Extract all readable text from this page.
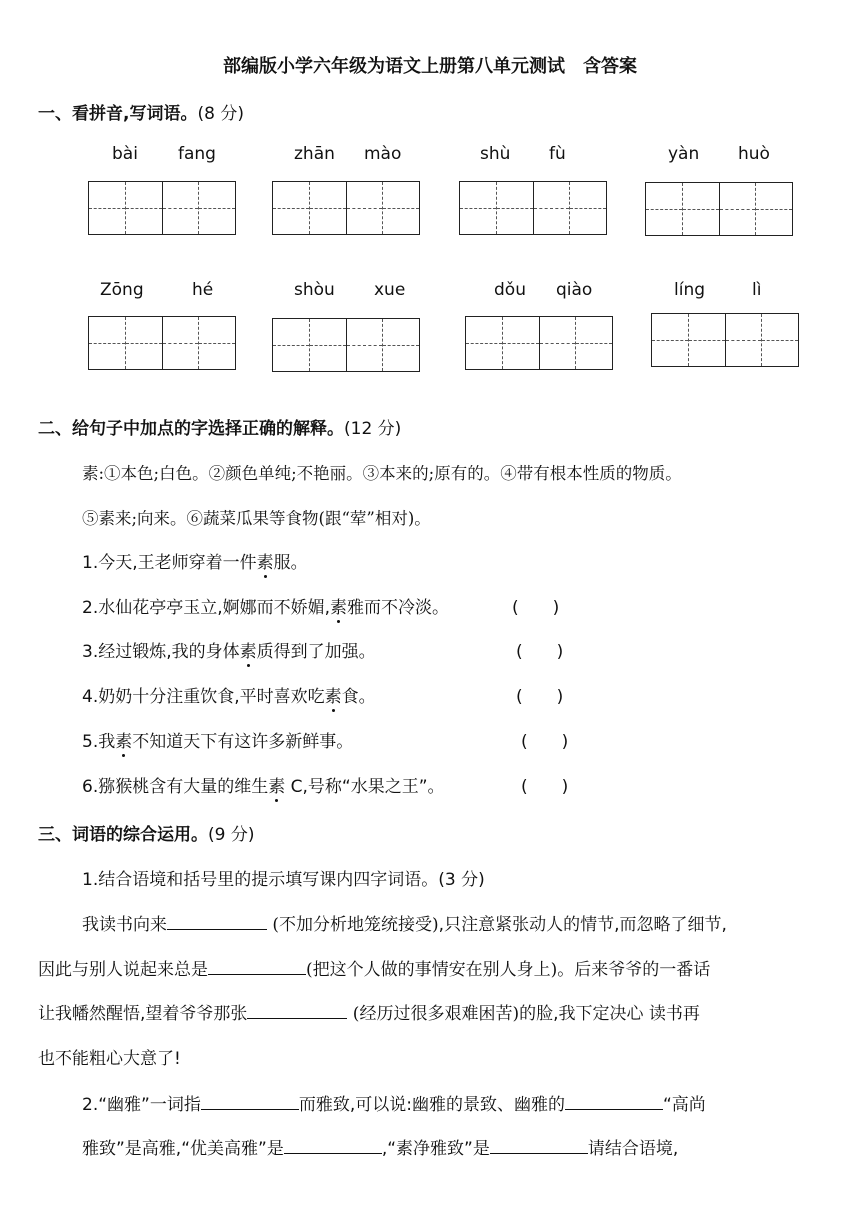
部编版小学六年级为语文上册第八单元测试　含答案
一、看拼音,写词语。(8 分)
bài fang	zhān mào	shù fù	yàn huò
Zōng	hé	shòu xue	dǒu qiào	líng	lì
二、给句子中加点的字选择正确的解释。(12 分)
素:①本色;白色。②颜色单纯;不艳丽。③本来的;原有的。④带有根本性质的物质。
⑤素来;向来。⑥蔬菜瓜果等食物(跟“荤”相对)。
1.今天,王老师穿着一件素服。
2.水仙花亭亭玉立,婀娜而不娇媚,素雅而不冷淡。	(　　)
3.经过锻炼,我的身体素质得到了加强。	(　　)
4.奶奶十分注重饮食,平时喜欢吃素食。	(　　)
5.我素不知道天下有这许多新鲜事。	(　　)
6.猕猴桃含有大量的维生素 C,号称“水果之王”。	(　　)
三、词语的综合运用。(9 分)
1.结合语境和括号里的提示填写课内四字词语。(3 分)
我读书向来	(不加分析地笼统接受),只注意紧张动人的情节,而忽略了细节,
因此与别人说起来总是	(把这个人做的事情安在别人身上)。后来爷爷的一番话
让我幡然醒悟,望着爷爷那张	(经历过很多艰难困苦)的脸,我下定决心 读书再
也不能粗心大意了!
2.“幽雅”一词指	而雅致,可以说:幽雅的景致、幽雅的	“高尚
雅致”是高雅,“优美高雅”是	,“素净雅致”是	请结合语境,
